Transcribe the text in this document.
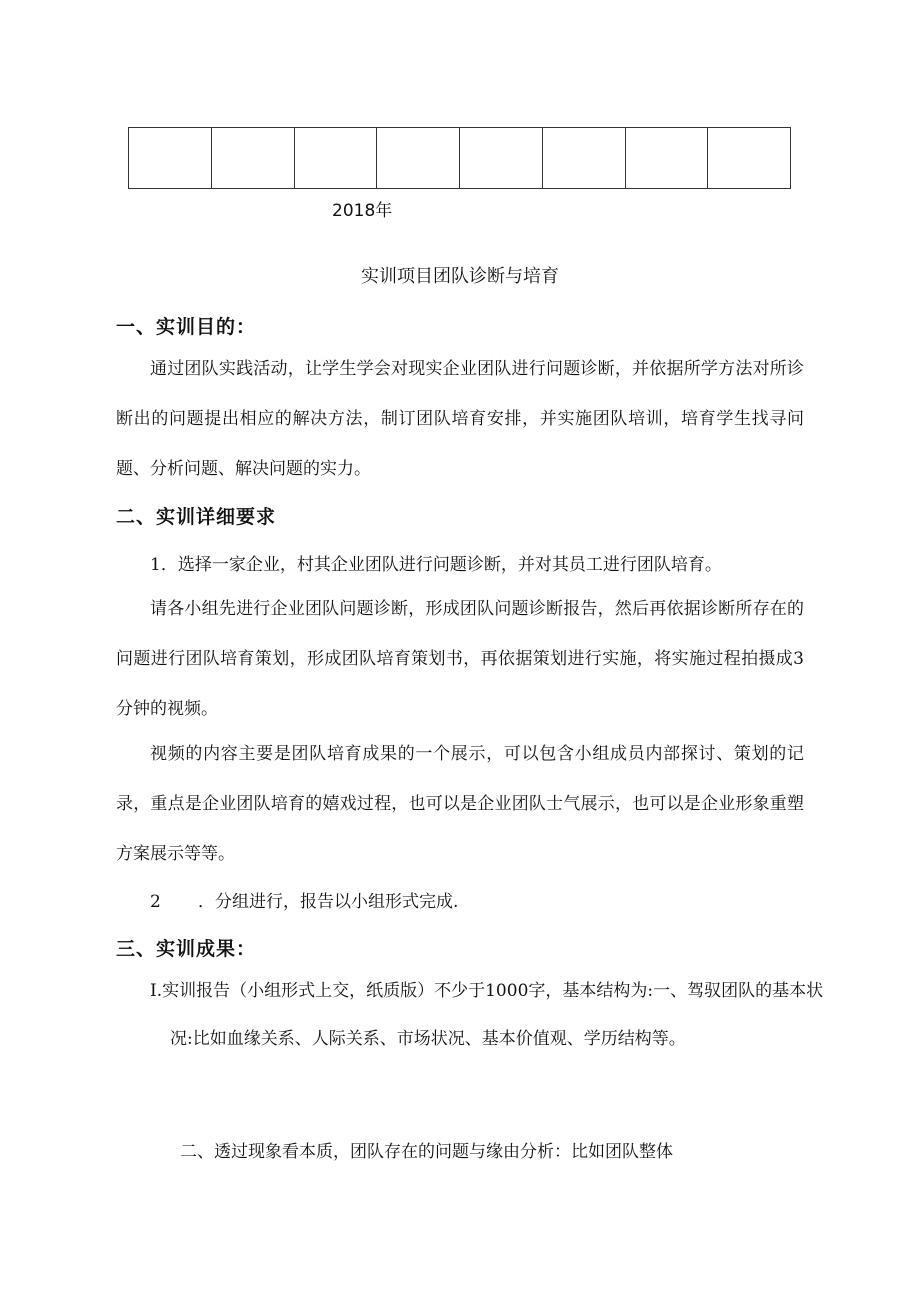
2018年
实训项目团队诊断与培育
一、实训目的：

通过团队实践活动，让学生学会对现实企业团队进行问题诊断，并依据所学方法对所诊断出的问题提出相应的解决方法，制订团队培育安排，并实施团队培训，培育学生找寻问题、分析问题、解决问题的实力。

二、实训详细要求
1．选择一家企业，村其企业团队进行问题诊断，并对其员工进行团队培育。

请各小组先进行企业团队问题诊断，形成团队问题诊断报告，然后再依据诊断所存在的问题进行团队培育策划，形成团队培育策划书，再依据策划进行实施，将实施过程拍摄成3分钟的视频。

视频的内容主要是团队培育成果的一个展示，可以包含小组成员内部探讨、策划的记录，重点是企业团队培育的嬉戏过程，也可以是企业团队士气展示，也可以是企业形象重塑方案展示等等。

2 ．分组进行，报告以小组形式完成.
三、实训成果：

I.实训报告（小组形式上交，纸质版）不少于1000字，基本结构为:一、驾驭团队的基本状况:比如血缘关系、人际关系、市场状况、基本价值观、学历结构等。

二、透过现象看本质，团队存在的问题与缘由分析：比如团队整体
